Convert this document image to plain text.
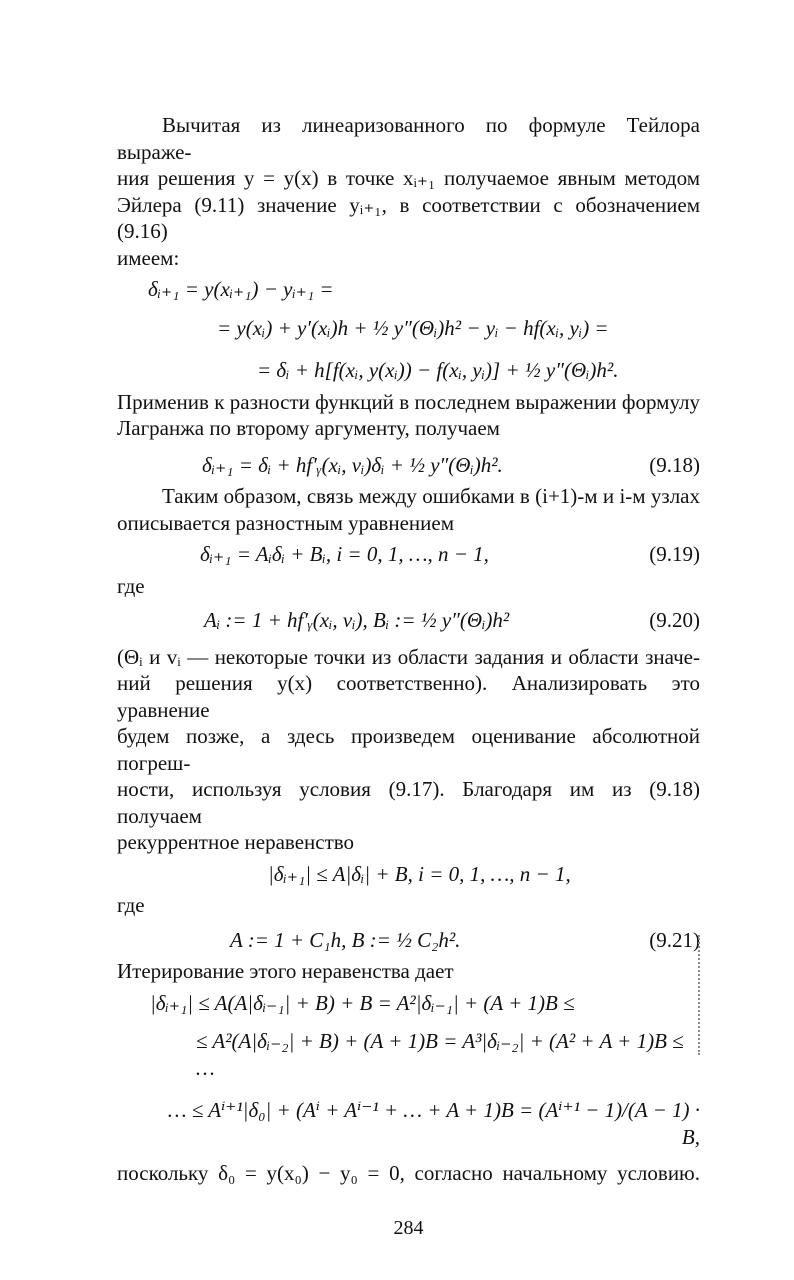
Вычитая из линеаризованного по формуле Тейлора выраже-
ния решения y = y(x) в точке xᵢ₊₁ получаемое явным методом
Эйлера (9.11) значение yᵢ₊₁, в соответствии с обозначением (9.16)
имеем:
δᵢ₊₁ = y(xᵢ₊₁) − yᵢ₊₁ =
= y(xᵢ) + y′(xᵢ)h + ½ y″(Θᵢ)h² − yᵢ − hf(xᵢ, yᵢ) =
= δᵢ + h[f(xᵢ, y(xᵢ)) − f(xᵢ, yᵢ)] + ½ y″(Θᵢ)h².
Применив к разности функций в последнем выражении формулу
Лагранжа по второму аргументу, получаем
δᵢ₊₁ = δᵢ + hf′ᵧ(xᵢ, vᵢ)δᵢ + ½ y″(Θᵢ)h².	(9.18)
Таким образом, связь между ошибками в (i+1)-м и i-м узлах
описывается разностным уравнением
δᵢ₊₁ = Aᵢδᵢ + Bᵢ, i = 0, 1, …, n − 1,	(9.19)
где
Aᵢ := 1 + hf′ᵧ(xᵢ, vᵢ), Bᵢ := ½ y″(Θᵢ)h²	(9.20)
(Θᵢ и vᵢ — некоторые точки из области задания и области значе-
ний решения y(x) соответственно). Анализировать это уравнение
будем позже, а здесь произведем оценивание абсолютной погреш-
ности, используя условия (9.17). Благодаря им из (9.18) получаем
рекуррентное неравенство
|δᵢ₊₁| ≤ A|δᵢ| + B, i = 0, 1, …, n − 1,
где
A := 1 + C₁h, B := ½ C₂h².	(9.21)
Итерирование этого неравенства дает
|δᵢ₊₁| ≤ A(A|δᵢ₋₁| + B) + B = A²|δᵢ₋₁| + (A + 1)B ≤
≤ A²(A|δᵢ₋₂| + B) + (A + 1)B = A³|δᵢ₋₂| + (A² + A + 1)B ≤ …
… ≤ Aⁱ⁺¹|δ₀| + (Aⁱ + Aⁱ⁻¹ + … + A + 1)B = (Aⁱ⁺¹ − 1)/(A − 1) · B,
поскольку δ₀ = y(x₀) − y₀ = 0, согласно начальному условию.
284
